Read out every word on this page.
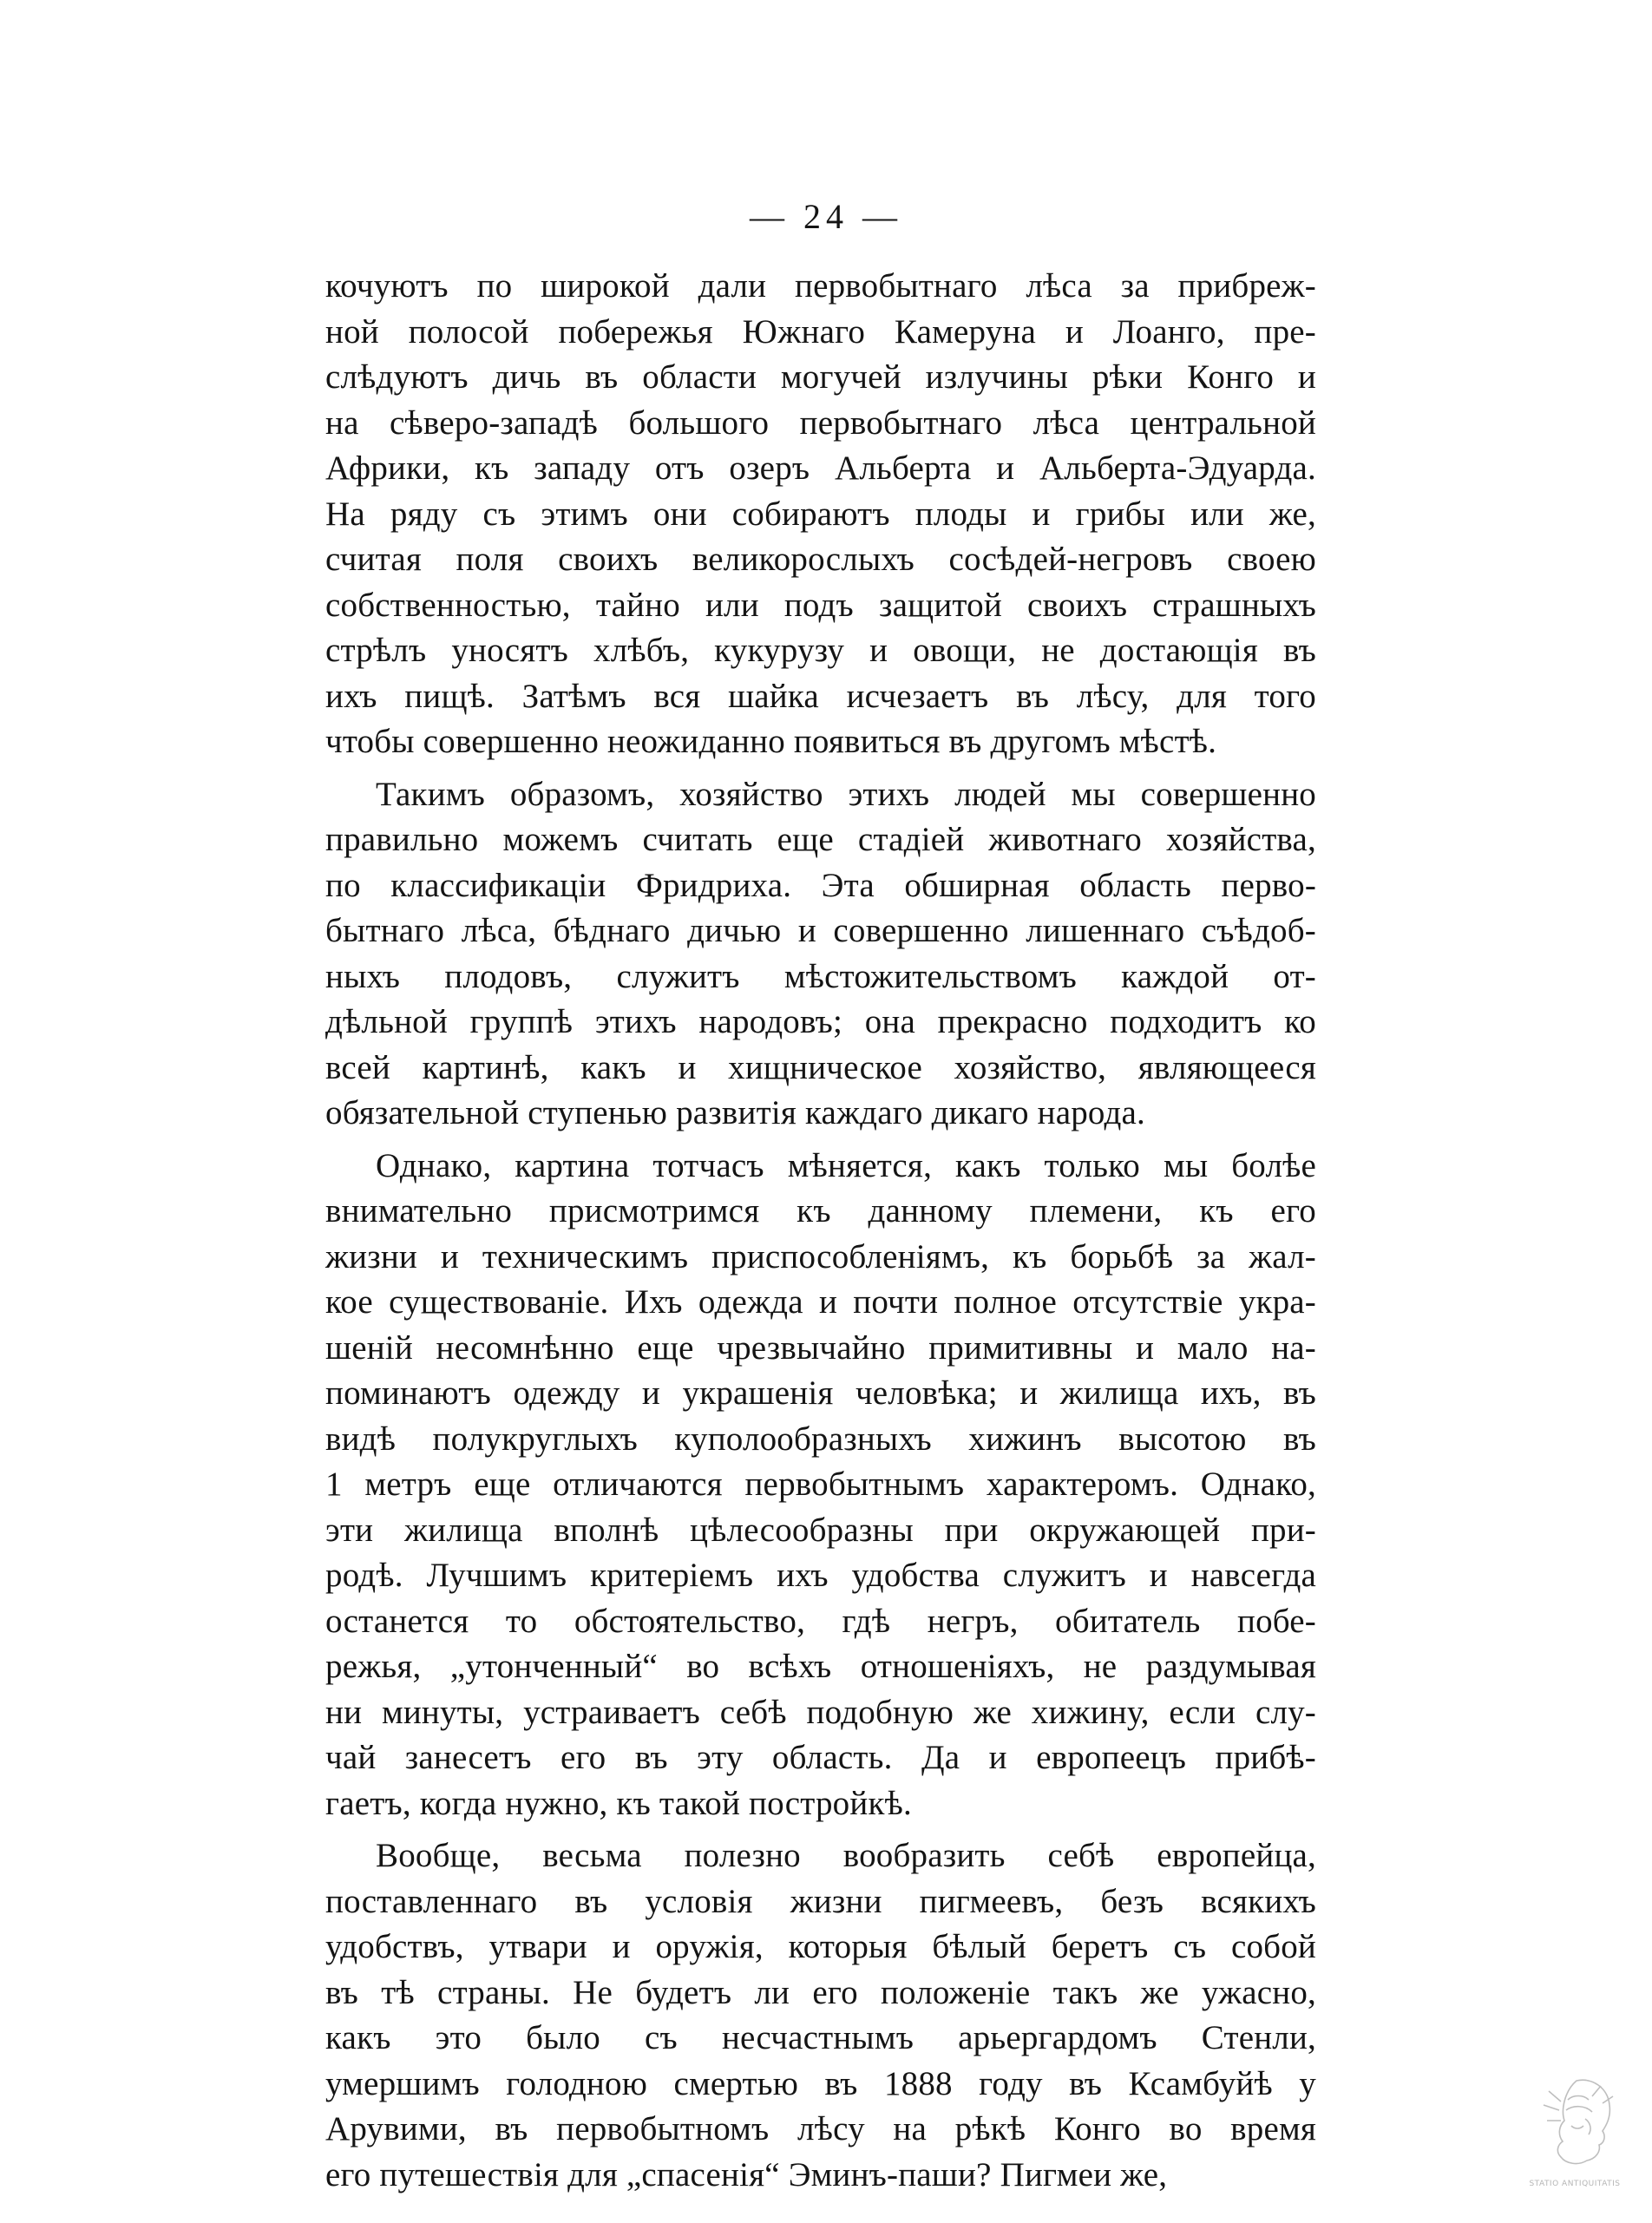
— 24 —
кочуютъ по широкой дали первобытнаго лѣса за прибреж-
ной полосой побережья Южнаго Камеруна и Лоанго, пре-
слѣдуютъ дичь въ области могучей излучины рѣки Конго и
на сѣверо-западѣ большого первобытнаго лѣса центральной
Африки, къ западу отъ озеръ Альберта и Альберта-Эдуарда.
На ряду съ этимъ они собираютъ плоды и грибы или же,
считая поля своихъ великорослыхъ сосѣдей-негровъ своею
собственностью, тайно или подъ защитой своихъ страшныхъ
стрѣлъ уносятъ хлѣбъ, кукурузу и овощи, не достающія въ
ихъ пищѣ. Затѣмъ вся шайка исчезаетъ въ лѣсу, для того
чтобы совершенно неожиданно появиться въ другомъ мѣстѣ.
Такимъ образомъ, хозяйство этихъ людей мы совершенно
правильно можемъ считать еще стадіей животнаго хозяйства,
по классификаціи Фридриха. Эта обширная область перво-
бытнаго лѣса, бѣднаго дичью и совершенно лишеннаго съѣдоб-
ныхъ плодовъ, служитъ мѣстожительствомъ каждой от-
дѣльной группѣ этихъ народовъ; она прекрасно подходитъ ко
всей картинѣ, какъ и хищническое хозяйство, являющееся
обязательной ступенью развитія каждаго дикаго народа.
Однако, картина тотчасъ мѣняется, какъ только мы болѣе
внимательно присмотримся къ данному племени, къ его
жизни и техническимъ приспособленіямъ, къ борьбѣ за жал-
кое существованіе. Ихъ одежда и почти полное отсутствіе укра-
шеній несомнѣнно еще чрезвычайно примитивны и мало на-
поминаютъ одежду и украшенія человѣка; и жилища ихъ, въ
видѣ полукруглыхъ куполообразныхъ хижинъ высотою въ
1 метръ еще отличаются первобытнымъ характеромъ. Однако,
эти жилища вполнѣ цѣлесообразны при окружающей при-
родѣ. Лучшимъ критеріемъ ихъ удобства служитъ и навсегда
останется то обстоятельство, гдѣ негръ, обитатель побе-
режья, „утонченный“ во всѣхъ отношеніяхъ, не раздумывая
ни минуты, устраиваетъ себѣ подобную же хижину, если слу-
чай занесетъ его въ эту область. Да и европеецъ прибѣ-
гаетъ, когда нужно, къ такой постройкѣ.
Вообще, весьма полезно вообразить себѣ европейца,
поставленнаго въ условія жизни пигмеевъ, безъ всякихъ
удобствъ, утвари и оружія, которыя бѣлый беретъ съ собой
въ тѣ страны. Не будетъ ли его положеніе такъ же ужасно,
какъ это было съ несчастнымъ арьергардомъ Стенли,
умершимъ голодною смертью въ 1888 году въ Ксамбуйѣ у
Арувими, въ первобытномъ лѣсу на рѣкѣ Конго во время
его путешествія для „спасенія“ Эминъ-паши? Пигмеи же,	STATIO ANTIQUITATIS
